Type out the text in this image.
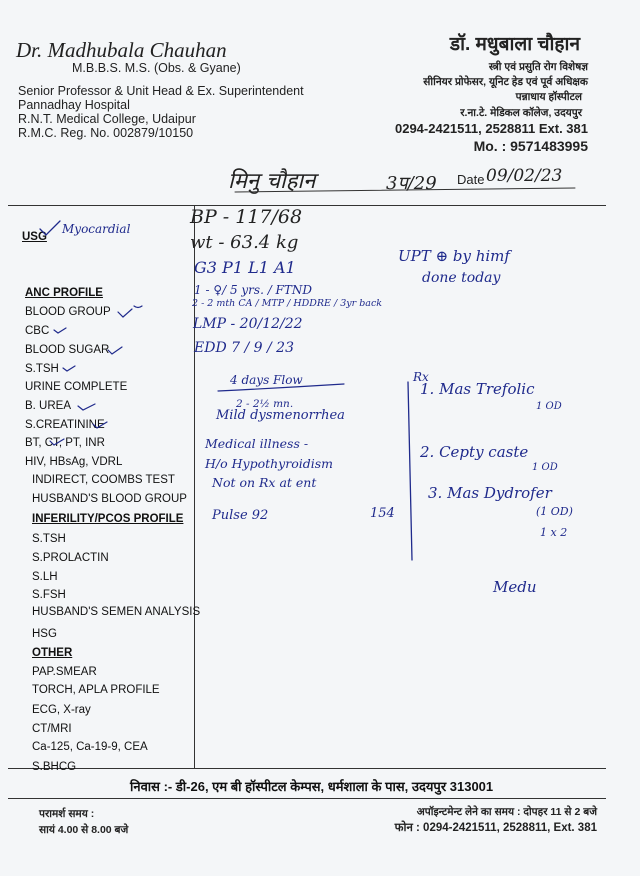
Dr. Madhubala Chauhan
M.B.B.S. M.S. (Obs. & Gyane)
Senior Professor & Unit Head & Ex. Superintendent
Pannadhay Hospital
R.N.T. Medical College, Udaipur
R.M.C. Reg. No. 002879/10150
डॉ. मधुबाला चौहान
स्त्री एवं प्रसुति रोग विशेषज्ञ
सीनियर प्रोफेसर, यूनिट हेड एवं पूर्व अधिक्षक
पन्नाधाय हॉस्पीटल
र.ना.टे. मेडिकल कॉलेज, उदयपुर
0294-2421511, 2528811 Ext. 381
Mo. : 9571483995
मिनु चौहान	3प/29 Date 09/02/23
USG
Myocardial
ANC PROFILE
BLOOD GROUP
CBC
BLOOD SUGAR
S.TSH
URINE COMPLETE
B. UREA
S.CREATININE
BT, CT, PT, INR
HIV, HBsAg, VDRL
INDIRECT, COOMBS TEST
HUSBAND'S BLOOD GROUP
INFERILITY/PCOS PROFILE
S.TSH
S.PROLACTIN
S.LH
S.FSH
HUSBAND'S SEMEN ANALYSIS
HSG
OTHER
PAP.SMEAR
TORCH, APLA PROFILE
ECG, X-ray
CT/MRI
Ca-125, Ca-19-9, CEA
S.BHCG
BP - 117/68
wt - 63.4 kg
G3 P1 L1 A1
1 - ♀/ 5 yrs. / FTND
2 - 2 mth CA / MTP / HDDRE / 3yr back
LMP - 20/12/22
EDD 7 / 9 / 23
UPT ⊕ by himf
done today
4 days Flow
2 - 2½ mn.
Mild dysmenorrhea
Medical illness -
H/o Hypothyroidism
Not on Rx at ent
Pulse 92	154
Rx
1. Mas Trefolic
1 OD
2. Cepty caste
1 OD
3. Mas Dydrofer
(1 OD)
1 x 2
Medu
निवास :- डी-26, एम बी हॉस्पीटल केम्पस, धर्मशाला के पास, उदयपुर 313001
परामर्श समय :
सायं 4.00 से 8.00 बजे
अपॉइन्टमेन्ट लेने का समय : दोपहर 11 से 2 बजे
फोन : 0294-2421511, 2528811, Ext. 381
